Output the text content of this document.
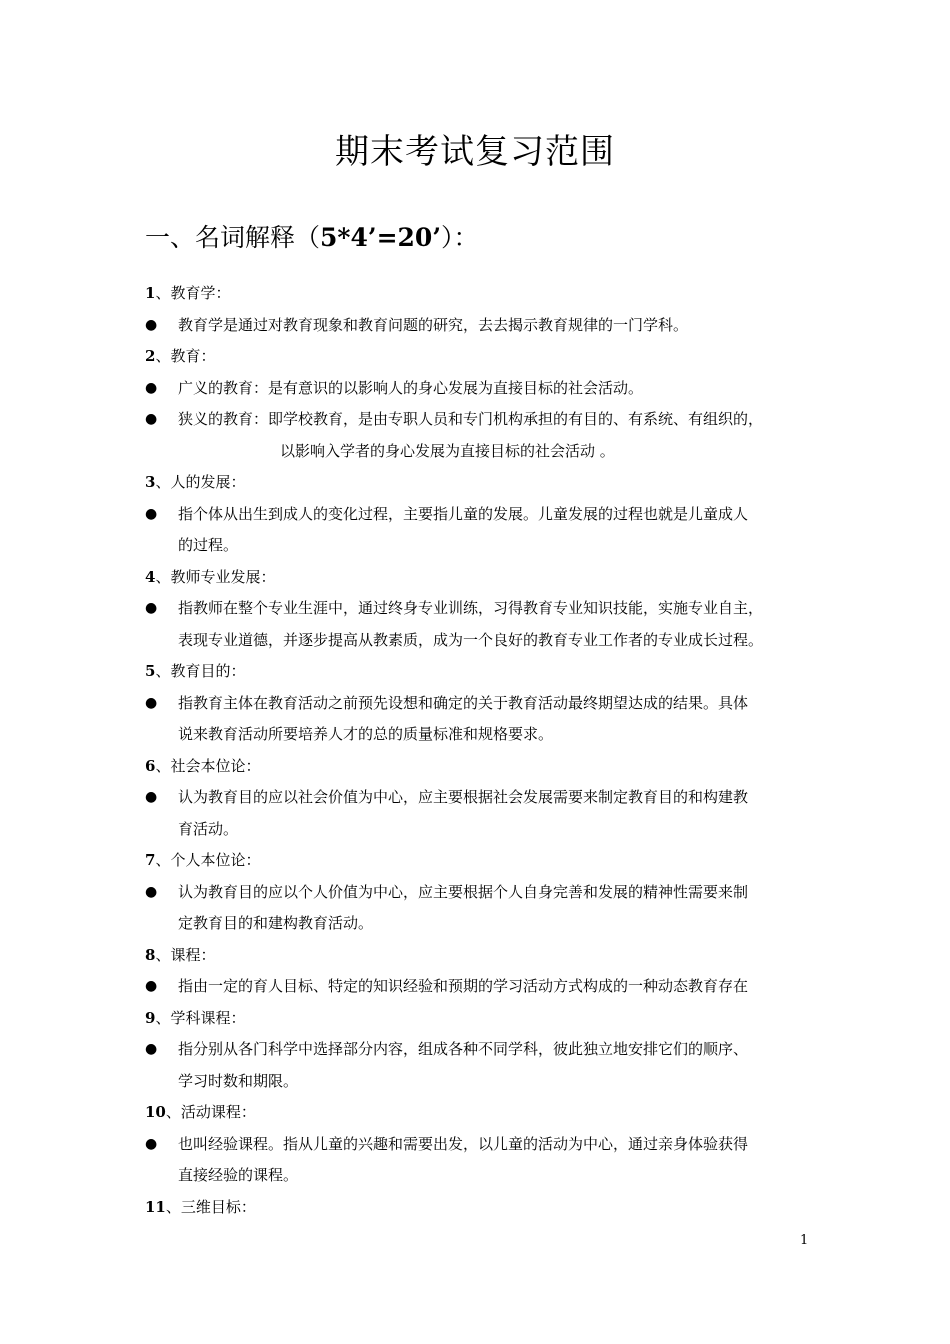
期末考试复习范围
一、名词解释（5*4’=20’）：
1、教育学：
● 教育学是通过对教育现象和教育问题的研究，去去揭示教育规律的一门学科。
2、教育：
● 广义的教育：是有意识的以影响人的身心发展为直接目标的社会活动。
● 狭义的教育：即学校教育，是由专职人员和专门机构承担的有目的、有系统、有组织的，
以影响入学者的身心发展为直接目标的社会活动 。
3、人的发展：
● 指个体从出生到成人的变化过程，主要指儿童的发展。儿童发展的过程也就是儿童成人
的过程。
4、教师专业发展：
● 指教师在整个专业生涯中，通过终身专业训练，习得教育专业知识技能，实施专业自主，
表现专业道德，并逐步提高从教素质，成为一个良好的教育专业工作者的专业成长过程。
5、教育目的：
● 指教育主体在教育活动之前预先设想和确定的关于教育活动最终期望达成的结果。具体
说来教育活动所要培养人才的总的质量标准和规格要求。
6、社会本位论：
● 认为教育目的应以社会价值为中心，应主要根据社会发展需要来制定教育目的和构建教
育活动。
7、个人本位论：
● 认为教育目的应以个人价值为中心，应主要根据个人自身完善和发展的精神性需要来制
定教育目的和建构教育活动。
8、课程：
● 指由一定的育人目标、特定的知识经验和预期的学习活动方式构成的一种动态教育存在
9、学科课程：
● 指分别从各门科学中选择部分内容，组成各种不同学科，彼此独立地安排它们的顺序、
学习时数和期限。
10、活动课程：
● 也叫经验课程。指从儿童的兴趣和需要出发，以儿童的活动为中心，通过亲身体验获得
直接经验的课程。
11、三维目标：
1
